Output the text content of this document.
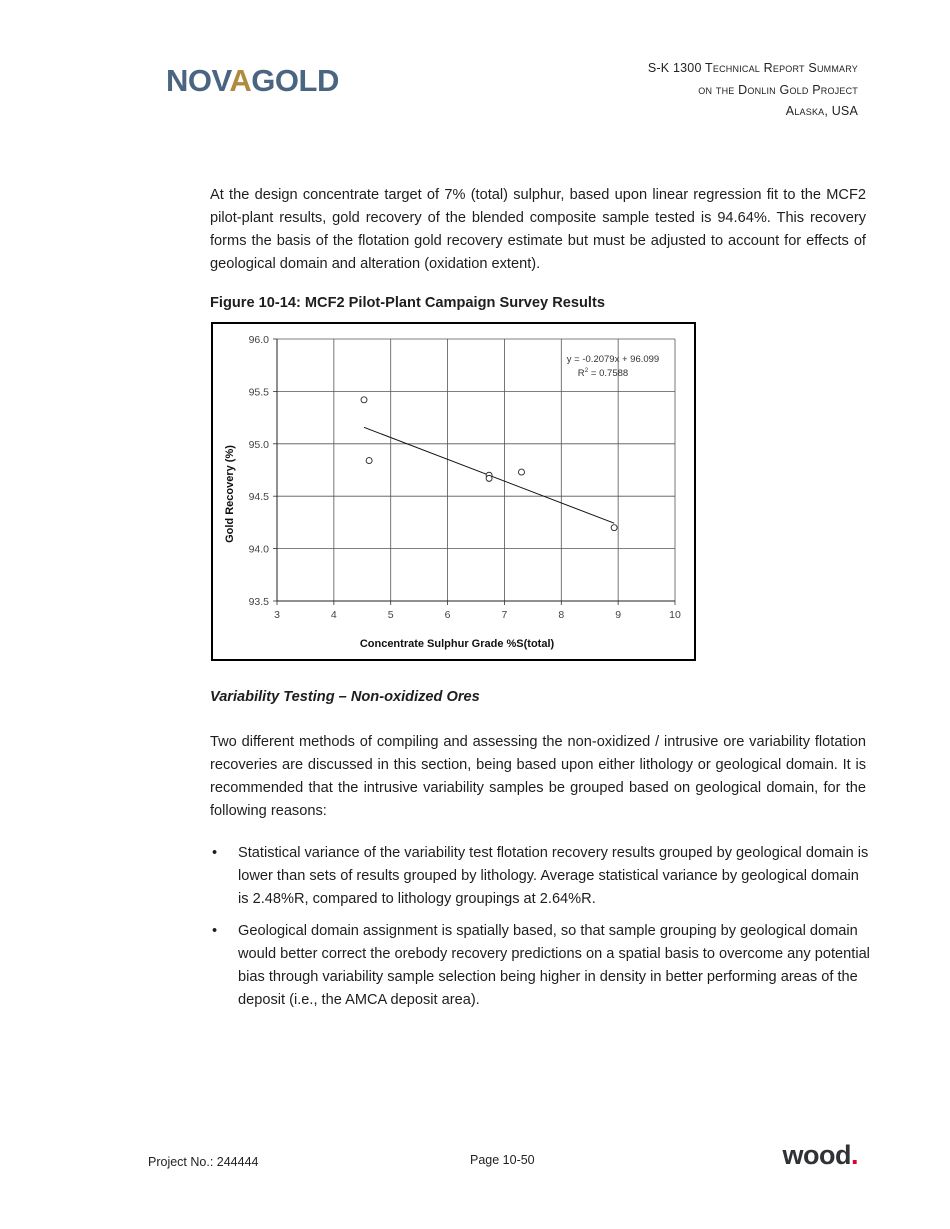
NOVAGOLD	S-K 1300 Technical Report Summary
on the Donlin Gold Project
Alaska, USA
At the design concentrate target of 7% (total) sulphur, based upon linear regression fit to the MCF2 pilot-plant results, gold recovery of the blended composite sample tested is 94.64%. This recovery forms the basis of the flotation gold recovery estimate but must be adjusted to account for effects of geological domain and alteration (oxidation extent).
Figure 10-14: MCF2 Pilot-Plant Campaign Survey Results
96.0
95.5
95.0
94.5
94.0
93.5
3	4	5	6	7	8	9	10
y = -0.2079x + 96.099
$R^2 = 0.7588$
Concentrate Sulphur Grade %S(total)
Gold Recovery (%)
Variability Testing – Non-oxidized Ores
Two different methods of compiling and assessing the non-oxidized / intrusive ore variability flotation recoveries are discussed in this section, being based upon either lithology or geological domain. It is recommended that the intrusive variability samples be grouped based on geological domain, for the following reasons:
• Statistical variance of the variability test flotation recovery results grouped by geological domain is lower than sets of results grouped by lithology. Average statistical variance by geological domain is 2.48%R, compared to lithology groupings at 2.64%R.
• Geological domain assignment is spatially based, so that sample grouping by geological domain would better correct the orebody recovery predictions on a spatial basis to overcome any potential bias through variability sample selection being higher in density in better performing areas of the deposit (i.e., the AMCA deposit area).
Project No.: 244444	Page 10-50	wood.
